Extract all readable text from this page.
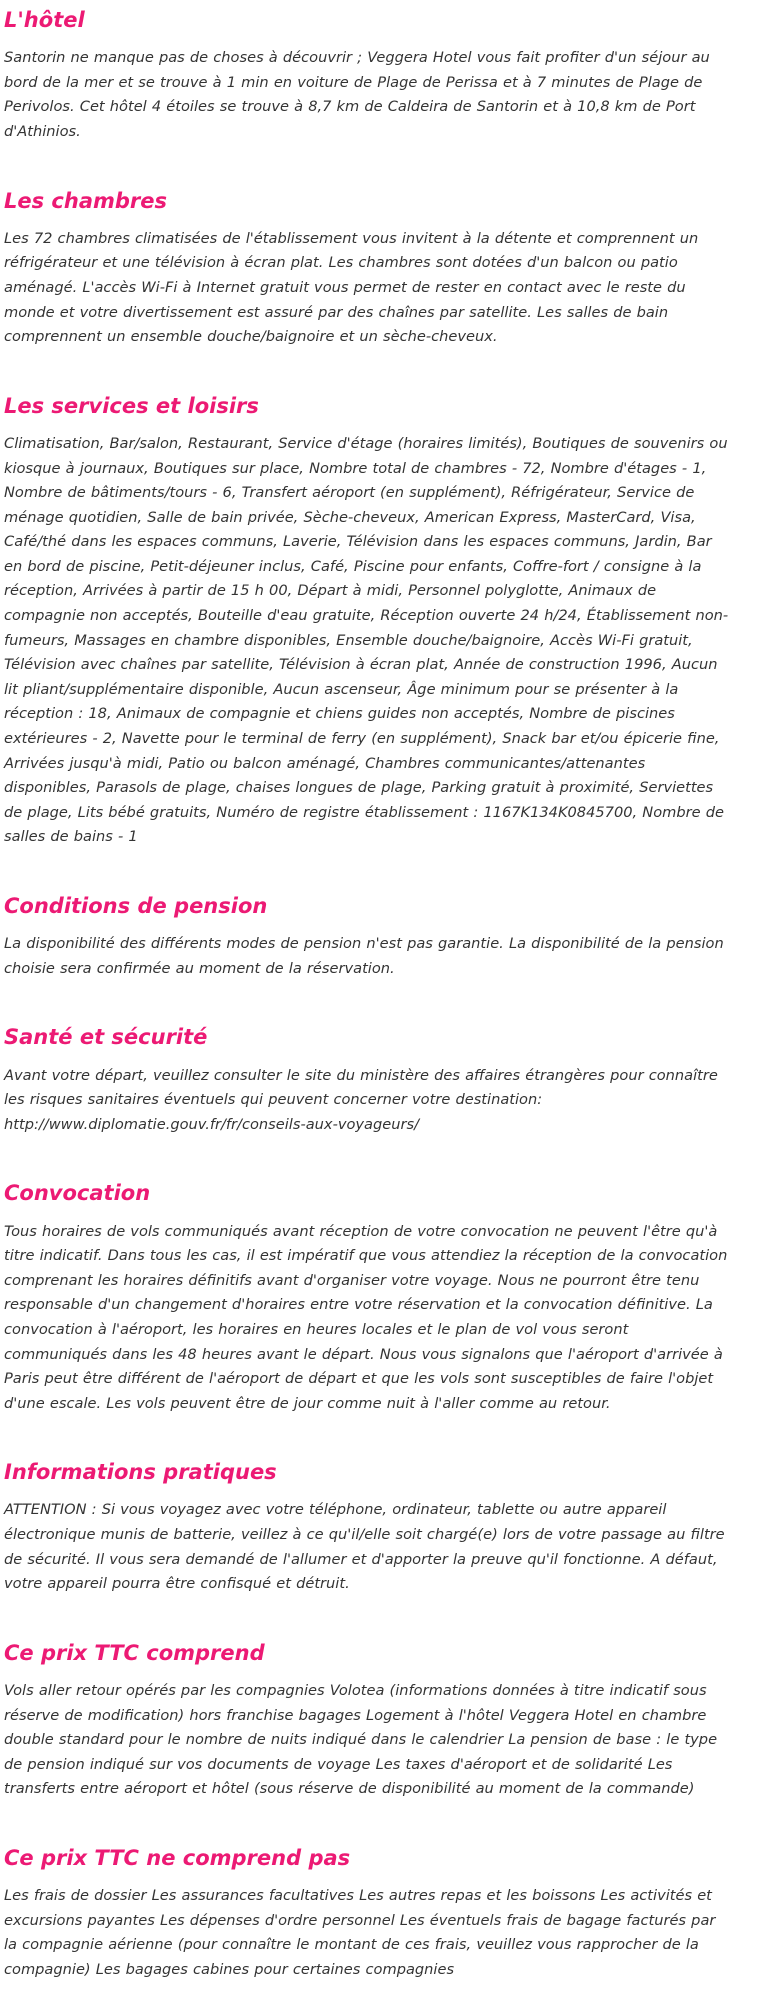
L'hôtel

Santorin ne manque pas de choses à découvrir ; Veggera Hotel vous fait profiter d'un séjour au bord de la mer et se trouve à 1 min en voiture de Plage de Perissa et à 7 minutes de Plage de Perivolos. Cet hôtel 4 étoiles se trouve à 8,7 km de Caldeira de Santorin et à 10,8 km de Port d'Athinios.

Les chambres

Les 72 chambres climatisées de l'établissement vous invitent à la détente et comprennent un réfrigérateur et une télévision à écran plat. Les chambres sont dotées d'un balcon ou patio aménagé. L'accès Wi-Fi à Internet gratuit vous permet de rester en contact avec le reste du monde et votre divertissement est assuré par des chaînes par satellite. Les salles de bain comprennent un ensemble douche/baignoire et un sèche-cheveux.

Les services et loisirs

Climatisation, Bar/salon, Restaurant, Service d'étage (horaires limités), Boutiques de souvenirs ou kiosque à journaux, Boutiques sur place, Nombre total de chambres - 72, Nombre d'étages - 1, Nombre de bâtiments/tours - 6, Transfert aéroport (en supplément), Réfrigérateur, Service de ménage quotidien, Salle de bain privée, Sèche-cheveux, American Express, MasterCard, Visa, Café/thé dans les espaces communs, Laverie, Télévision dans les espaces communs, Jardin, Bar en bord de piscine, Petit-déjeuner inclus, Café, Piscine pour enfants, Coffre-fort / consigne à la réception, Arrivées à partir de 15 h 00, Départ à midi, Personnel polyglotte, Animaux de compagnie non acceptés, Bouteille d'eau gratuite, Réception ouverte 24 h/24, Établissement non-fumeurs, Massages en chambre disponibles, Ensemble douche/baignoire, Accès Wi-Fi gratuit, Télévision avec chaînes par satellite, Télévision à écran plat, Année de construction 1996, Aucun lit pliant/supplémentaire disponible, Aucun ascenseur, Âge minimum pour se présenter à la réception : 18, Animaux de compagnie et chiens guides non acceptés, Nombre de piscines extérieures - 2, Navette pour le terminal de ferry (en supplément), Snack bar et/ou épicerie fine, Arrivées jusqu'à midi, Patio ou balcon aménagé, Chambres communicantes/attenantes disponibles, Parasols de plage, chaises longues de plage, Parking gratuit à proximité, Serviettes de plage, Lits bébé gratuits, Numéro de registre établissement : 1167K134K0845700, Nombre de salles de bains - 1

Conditions de pension

La disponibilité des différents modes de pension n'est pas garantie. La disponibilité de la pension choisie sera confirmée au moment de la réservation.

Santé et sécurité

Avant votre départ, veuillez consulter le site du ministère des affaires étrangères pour connaître les risques sanitaires éventuels qui peuvent concerner votre destination: http://www.diplomatie.gouv.fr/fr/conseils-aux-voyageurs/

Convocation

Tous horaires de vols communiqués avant réception de votre convocation ne peuvent l'être qu'à titre indicatif. Dans tous les cas, il est impératif que vous attendiez la réception de la convocation comprenant les horaires définitifs avant d'organiser votre voyage. Nous ne pourront être tenu responsable d'un changement d'horaires entre votre réservation et la convocation définitive. La convocation à l'aéroport, les horaires en heures locales et le plan de vol vous seront communiqués dans les 48 heures avant le départ. Nous vous signalons que l'aéroport d'arrivée à Paris peut être différent de l'aéroport de départ et que les vols sont susceptibles de faire l'objet d'une escale. Les vols peuvent être de jour comme nuit à l'aller comme au retour.

Informations pratiques

ATTENTION : Si vous voyagez avec votre téléphone, ordinateur, tablette ou autre appareil électronique munis de batterie, veillez à ce qu'il/elle soit chargé(e) lors de votre passage au filtre de sécurité. Il vous sera demandé de l'allumer et d'apporter la preuve qu'il fonctionne. A défaut, votre appareil pourra être confisqué et détruit.

Ce prix TTC comprend

Vols aller retour opérés par les compagnies Volotea (informations données à titre indicatif sous réserve de modification) hors franchise bagages Logement à l'hôtel Veggera Hotel en chambre double standard pour le nombre de nuits indiqué dans le calendrier La pension de base : le type de pension indiqué sur vos documents de voyage Les taxes d'aéroport et de solidarité Les transferts entre aéroport et hôtel (sous réserve de disponibilité au moment de la commande)

Ce prix TTC ne comprend pas

Les frais de dossier Les assurances facultatives Les autres repas et les boissons Les activités et excursions payantes Les dépenses d'ordre personnel Les éventuels frais de bagage facturés par la compagnie aérienne (pour connaître le montant de ces frais, veuillez vous rapprocher de la compagnie) Les bagages cabines pour certaines compagnies
